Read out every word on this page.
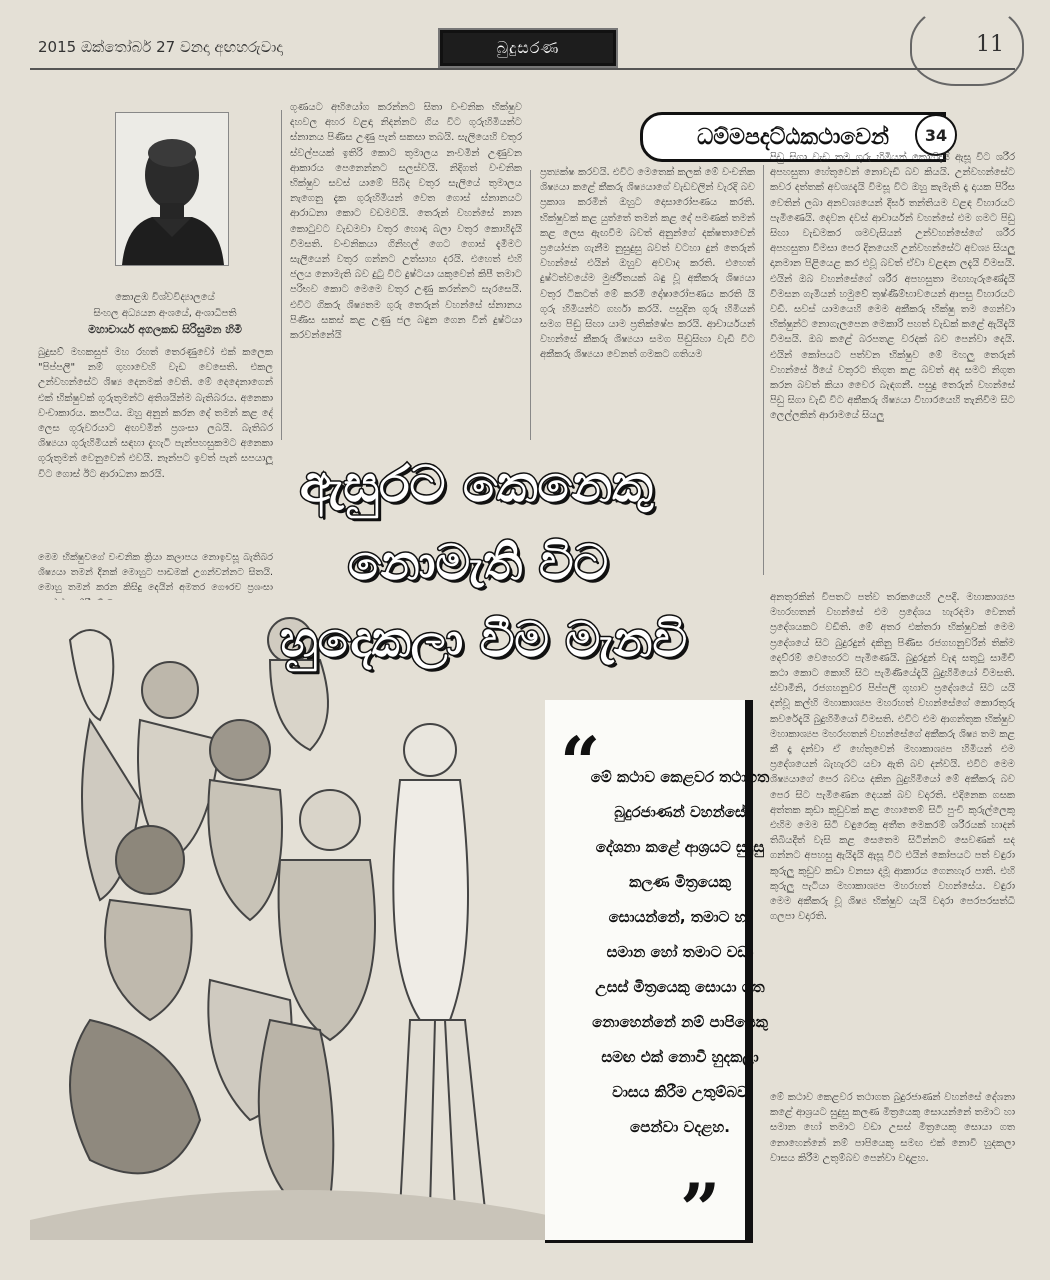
2015 ඔක්තෝබර් 27 වනදා අඟහරුවාදා	බුදුසරණ	11
කොළඹ විශ්වවිද්‍යාලයේ
සිංහල අධ්‍යයන අංශයේ, අංශාධිපති
මහාචාර්ය අගලකඩ සිරිසුමන හිමි
ධම්මපදට්ඨකථාවෙන්	34
බුදුසව් මහකසුප් මහ රහත් තෙරණුවෝ එක් කලෙක "පිප්පලී" නම් ගුහාවෙහි වැඩ වෙසෙති. එකල උන්වහන්සේට ශිෂ්‍ය දෙනමක් වෙති. මේ දෙදෙනාගෙන් එක් භික්ෂුවක් ගුරුතුමන්ට අතිශයින්ම බැතිබරය. අනෙකා වංචාකාරය. කපටිය. ඔහු අනුන් කරන දේ තමන් කළ දේ ලෙස ගුරුවරයාට අඟවමින් ප්‍රශංසා ලබයි. බැතිබර ශිෂ්‍යයා ගුරුහිමියන් සඳහා දැහැටි පැන්පහසුකමට අනෙකා ගුරුතුමන් වෙනුවෙන් එවයි. නෑන්පට ඉවත් පැන් සපයාලූ විට ගොස් ඊට ආරාධනා කරයි.
මෙම භික්ෂුවගේ වංචනික ක්‍රියා කලාපය නොඉවසූ බැතිබර ශිෂ්‍යයා තමන් දිනක් මොහුට පාඩමක් උගන්වන්නට සිතයි. මොහු තමන් කරන කිසිදු දෙයින් අමතර ගෞරව ප්‍රශංසා
ගුණයට අභියෝග කරන්නට සිතා වංචනික භික්ෂුව දහවල අහර වළඳා නිදන්නට ගිය විට ගුරුහිමියන්ට ස්නානය පිණිස උණු පැන් සකසා තබයි. සැලියෙහි වතුර ස්වල්පයක් ඉතිරි කොට තුමාලය නංවමින් උණුවන ආකාරය පෙනෙන්නට සලස්වයි. නිදිගත් වංචනික භික්ෂුව සවස් යාමේ පිබිද වතුර සැලියේ තුමාලය නැගෙනු දැක ගුරුහිමියන් වෙත ගොස් ස්නානයට ආරාධනා කොට වඩමවයි. තෙරුන් වහන්සේ නාන කොටුවට වැඩමවා වතුර හොඳා බලා වතුර කොහිදැයි විමසති. වංචනිකයා ගිනිහල් ගෙට ගොස් දැමීමට සැලියෙන් වතුර ගන්නට උත්සාහ දරයි. එහෙත් එහි ජලය නොමැති බව දුටු විට දුෂ්ටයා යකුවෙන් කිපී තමාට පරිභව කොට මෙමෙ වතුර උණු කරන්නට සැරසෙයි. එවිට ගිකරු ශිෂ්‍යතම ගුරු තෙරුන් වහන්සේ ස්නානය පිණිස සකස් කළ උණු ජල බඳුන ගෙන වීන් දුෂ්ටයා කරවන්නේයි
ප්‍රත්‍යක්ෂ කරවයි. එවිට මෙතෙක් කලක් මේ වංචනික ශිෂ්‍යයා කළේ කීකරු ශිෂ්‍යයාගේ වැඩවලින් වැරදි බව ප්‍රකාශ කරමින් ඔහුට දොසාරෝපණය කරති. භික්ෂුවක් කළ යුත්තේ තමන් කළ දේ පමණක් තමන් කළ ලෙස ඇඟවීම බවත් අනුන්ගේ දක්ෂතාවෙන් ප්‍රයෝජන ගැනීම නුසුදුසු බවත් වටහා දුන් තෙරුන් වහන්සේ එයින් ඔහුව අවවාද කරති. එහෙත් දුෂ්ටත්වයේම මුර්ඡිතයක් බඳු වූ අකීකරු ශිෂ්‍යයා වතුර ටිකටත් මේ කරමි දෝෂාරෝපණය කරති යි ගුරු හිමියන්ට ගර්හා කරයි. පසුදින ගුරු හිමියන් සමග පිඬු සිඟා යාම ප්‍රතික්ෂේප කරයි. ආචාර්යයන් වහන්සේ කීකරු ශිෂ්‍යයා සමග පිඬුසිඟා වැඩි විට අකීකරු ශිෂ්‍යයා වෙනත් ගමකට ගතියම
පිඩු සිගා වැඩ තම ගුරු හිමියන් කොහිදැයි ඇසූ විට ශරීර අපහසුතා හේතුවෙන් නොවැඩි බව කියයි. උන්වහන්සේට කවර දත්තක් අවශ්‍යදැයි විමසූ විට ඔහු කැමැති දෑ දායක පිරිස වෙතින් ලබා අනවශ්‍යයෙන් දීර්ඝ තන්තියම වළඳ විහාරයට පැමිණෙයි. දෙවන දවස් ආචාර්යන් වහන්සේ එම ගමට පිඩු සිඟා වැඩමකර ශමවැසියන් උන්වහන්සේගේ ශරීර අපහසුතා විමසා පෙර දිනයෙහි උන්වහන්සේට අවශ්‍ය සියලු දානමාන පිළියෙළ කර එවූ බවත් ඒවා වළඳන ලදැයි විමසයි. එයින් ඔබ වහන්සේගේ ශරීර අපහසුතා මඟහැරුණේදැයි විමසන ගැමියන් හමුවේ තුෂ්ණීම්භාවයෙන් ආපසු විහාරයට වඩී. සවස් යාමයෙහි මෙම අකීකරු භික්ෂු තම ගෙන්වා භික්ෂුන්ට නොගැලපෙන මෙකාරි පහත් වැඩක් කළේ ඇයිදැයි විමසයි. ඔබ කළේ බරපතළ වරදක් බව පෙන්වා දෙයි. එයින් කෝපයට පත්වන භික්ෂුව මේ මහලු තෙරුන් වහන්සේ ඊයේ වතුරට තිගුත කළ බවත් අද සමට නිගුත කරන බවත් කියා වෛර බැඳගනී. පසුදු තෙරුන් වහන්සේ පිඩු සිගා වැඩි විට අකීකරු ශිෂ්‍යයා විහාරයෙහි තැනිවිම සිට ලෙල්ලකින් ආරාමයේ සියලු
අනතුරකින් විපතට පත්ව තරකයෙහි උපදී. මහාකාශ්‍යප මහරහතන් වහන්සේ එම ප්‍රදේශය හැරදමා වෙනත් ප්‍රදේශයකට වඩිති. මේ අතර එක්තරා භික්ෂුවක් මෙම ප්‍රදේශයේ සිට බුදුරදුන් දකිනු පිණිස රජගහනුවරින් තික්ම දෙව්රම් වෙහෙරට පැමිණෙයි. බුදුරදුන් වැඳ සතුටු සාමීචි කථා කොට කොහි සිට පැමිණියේදැයි බුදුහිමියෝ විමසති. ස්වාමීනි, රජගහනුවර පිප්පලී ගුහාව ප්‍රදේශයේ සිට යයි දන්වූ කල්හි මහාකාශ්‍යප මහරහත් වහන්සේගේ කොරතුරු කවරේදැයි බුදුහිමියෝ විමසති. එවිට එම ආගන්තුක භික්ෂුව මහාකාශ්‍යප මහරහතන් වහන්සේගේ අකීකරු ශිෂ්‍ය තම කළ කී දෑ දන්වා ඒ හේතුවෙන් මහාකාශ්‍යප හිමියන් එම ප්‍රදේශයෙන් බැහැරට යවා ඇති බව දන්වයි. එවිට මෙම ශිෂ්‍යයාගේ පෙර බවය දකින බුදුහිමියෝ මේ අකීකරු බව පෙර සිට පැමිණෙන දෙයක් බව වදාරති. එදිනෙක ගසක අත්තක කුඩා කුඩුවක් කළ හොතෙම් සිටි පුංචි කුරුල්ලෙකු එහිම මෙම සිටි වඳුරෙකු අතීත මෙකරම් ශරීරයක් හාදන් තිබියදීත් වැසි කළ සෙතෙම සිටින්නට සෙවණක් සද ගන්නට අපහසු ඇයිදැයි ඇසූ විට එයින් කෝපයට පත් වඳුරා කුරුලු කුඩුව කඩා වනසා දමූ ආකාරය ගෙනහැර පාති. එහි කුරුලු පැටියා මහාකාශ්‍යප මහරහත් වහන්සේය. වඳුරා මෙම අකීකරු වූ ශිෂ්‍ය භික්ෂුව යැයි වදාරා පෙරපරසත්ධි ගලපා වදාරති.
මේ කථාව කෙළවර තථාගත බුදුරජාණන් වහන්සේ දේශනා කළේ ආශ්‍රයට සුදුසු කලණ මිත්‍රයෙකු සොයන්නේ තමාට හා සමාන හෝ තමාට වඩා උසස් මිත්‍රයෙකු සොයා ගත නොහෙන්නේ නම් පාපියෙකු සමඟ එක් නොවී හුදකලා වාසය කිරීම උතුම්බව පෙන්වා වදාළහ.
ඇසුරට කෙනෙකු
නොමැති විට
හුදෙකලා වීම මැනවි
“
මේ කථාව කෙළවර තථාගත බුදුරජාණන් වහන්සේ දේශනා කළේ ආශ්‍රයට සුදුසු කලණ මිත්‍රයෙකු සොයන්නේ, තමාට හා සමාන හෝ තමාට වඩා උසස් මිත්‍රයෙකු සොයා ගත නොහෙන්නේ නම් පාපියෙකු සමඟ එක් නොවී හුදකලා වාසය කිරීම උතුම්බව පෙන්වා වදළහ.
”
